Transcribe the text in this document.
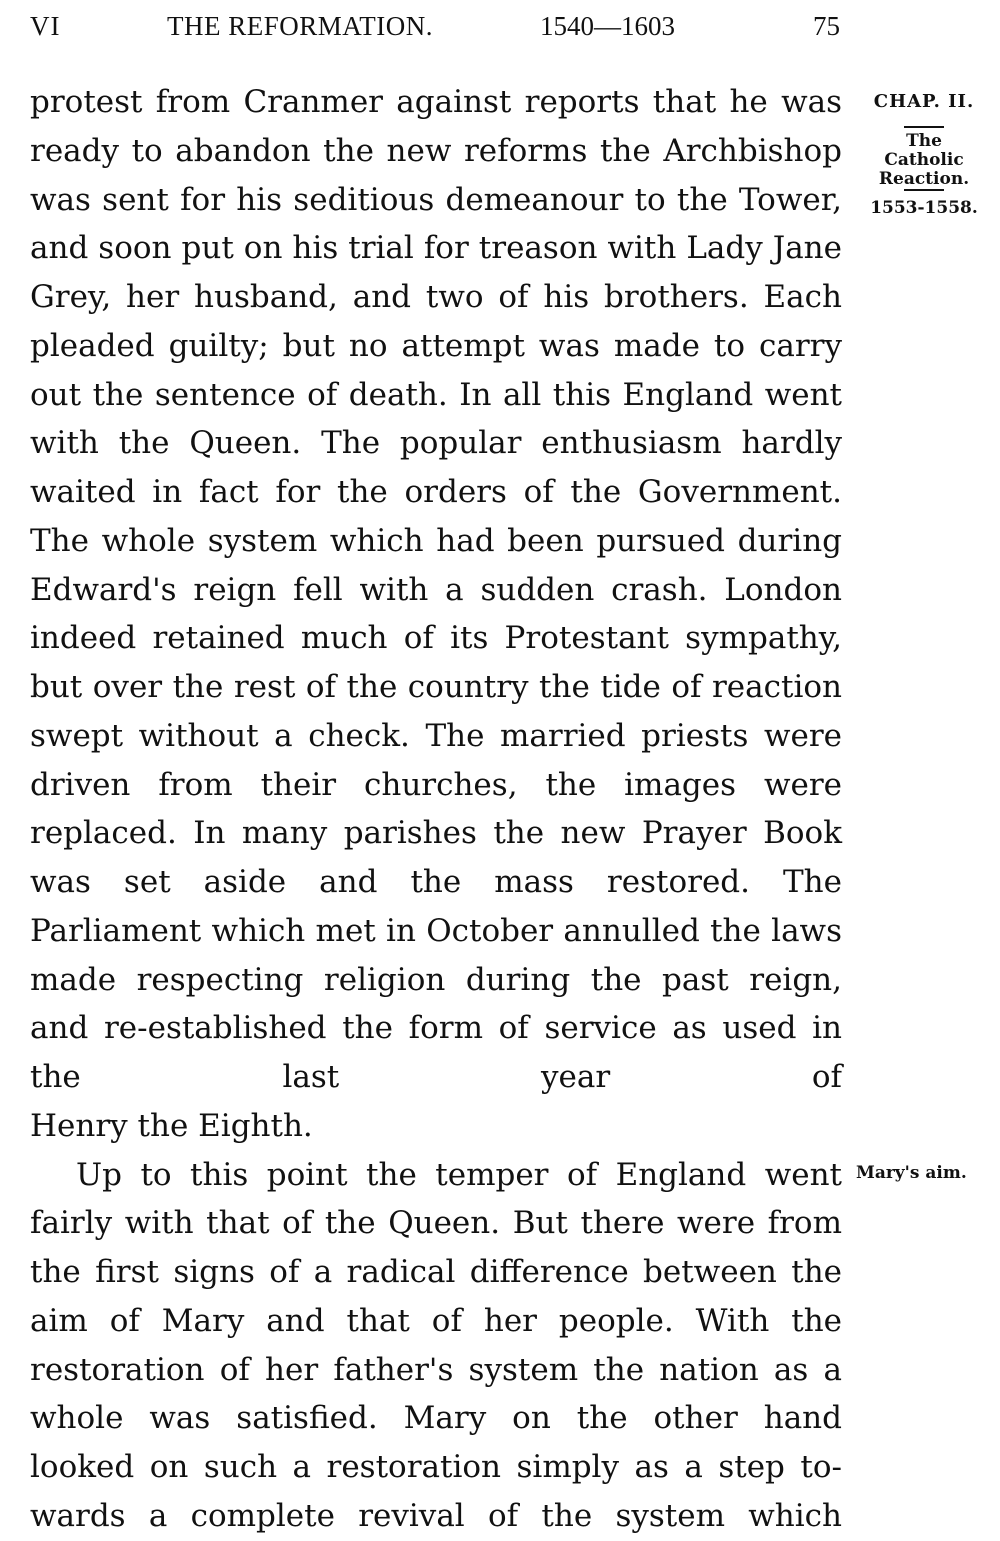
VI	THE REFORMATION.	1540—1603	75

protest from Cranmer against reports that he was ready to abandon the new reforms the Archbishop was sent for his seditious demeanour to the Tower, and soon put on his trial for treason with Lady Jane Grey, her husband, and two of his brothers. Each pleaded guilty; but no attempt was made to carry out the sentence of death. In all this England went with the Queen. The popular enthusiasm hardly waited in fact for the orders of the Government. The whole system which had been pursued during Edward's reign fell with a sudden crash. London indeed retained much of its Protestant sympathy, but over the rest of the country the tide of reaction swept without a check. The married priests were driven from their churches, the images were replaced. In many parishes the new Prayer Book was set aside and the mass restored. The Parliament which met in October annulled the laws made respecting religion during the past reign, and re-established the form of service as used in the last year of

Henry the Eighth.

Up to this point the temper of England went fairly with that of the Queen. But there were from the first signs of a radical difference between the aim of Mary and that of her people. With the restoration of her father's system the nation as a whole was satisfied. Mary on the other hand looked on such a restoration simply as a step to-wards a complete revival of the system which

CHAP. II.
The
Catholic
Reaction.
1553-1558.
Mary's aim.
